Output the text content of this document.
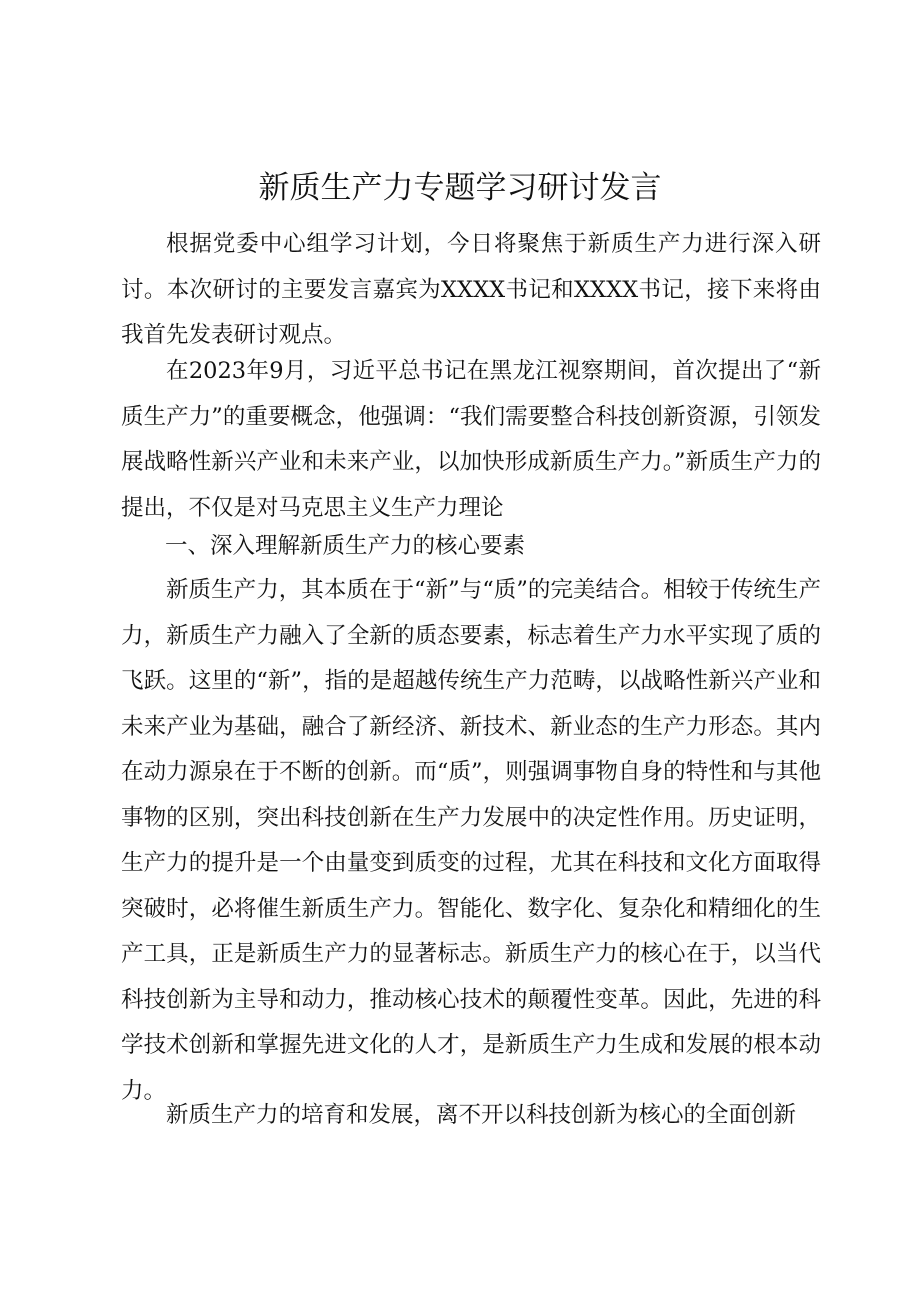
新质生产力专题学习研讨发言

根据党委中心组学习计划，今日将聚焦于新质生产力进行深入研讨。本次研讨的主要发言嘉宾为XXXX书记和XXXX书记，接下来将由我首先发表研讨观点。

在2023年9月，习近平总书记在黑龙江视察期间，首次提出了“新质生产力”的重要概念，他强调：“我们需要整合科技创新资源，引领发展战略性新兴产业和未来产业，以加快形成新质生产力。”新质生产力的提出，不仅是对马克思主义生产力理论

一、深入理解新质生产力的核心要素

新质生产力，其本质在于“新”与“质”的完美结合。相较于传统生产力，新质生产力融入了全新的质态要素，标志着生产力水平实现了质的飞跃。这里的“新”，指的是超越传统生产力范畴，以战略性新兴产业和未来产业为基础，融合了新经济、新技术、新业态的生产力形态。其内在动力源泉在于不断的创新。而“质”，则强调事物自身的特性和与其他事物的区别，突出科技创新在生产力发展中的决定性作用。历史证明，生产力的提升是一个由量变到质变的过程，尤其在科技和文化方面取得突破时，必将催生新质生产力。智能化、数字化、复杂化和精细化的生产工具，正是新质生产力的显著标志。新质生产力的核心在于，以当代科技创新为主导和动力，推动核心技术的颠覆性变革。因此，先进的科学技术创新和掌握先进文化的人才，是新质生产力生成和发展的根本动力。

新质生产力的培育和发展，离不开以科技创新为核心的全面创新
